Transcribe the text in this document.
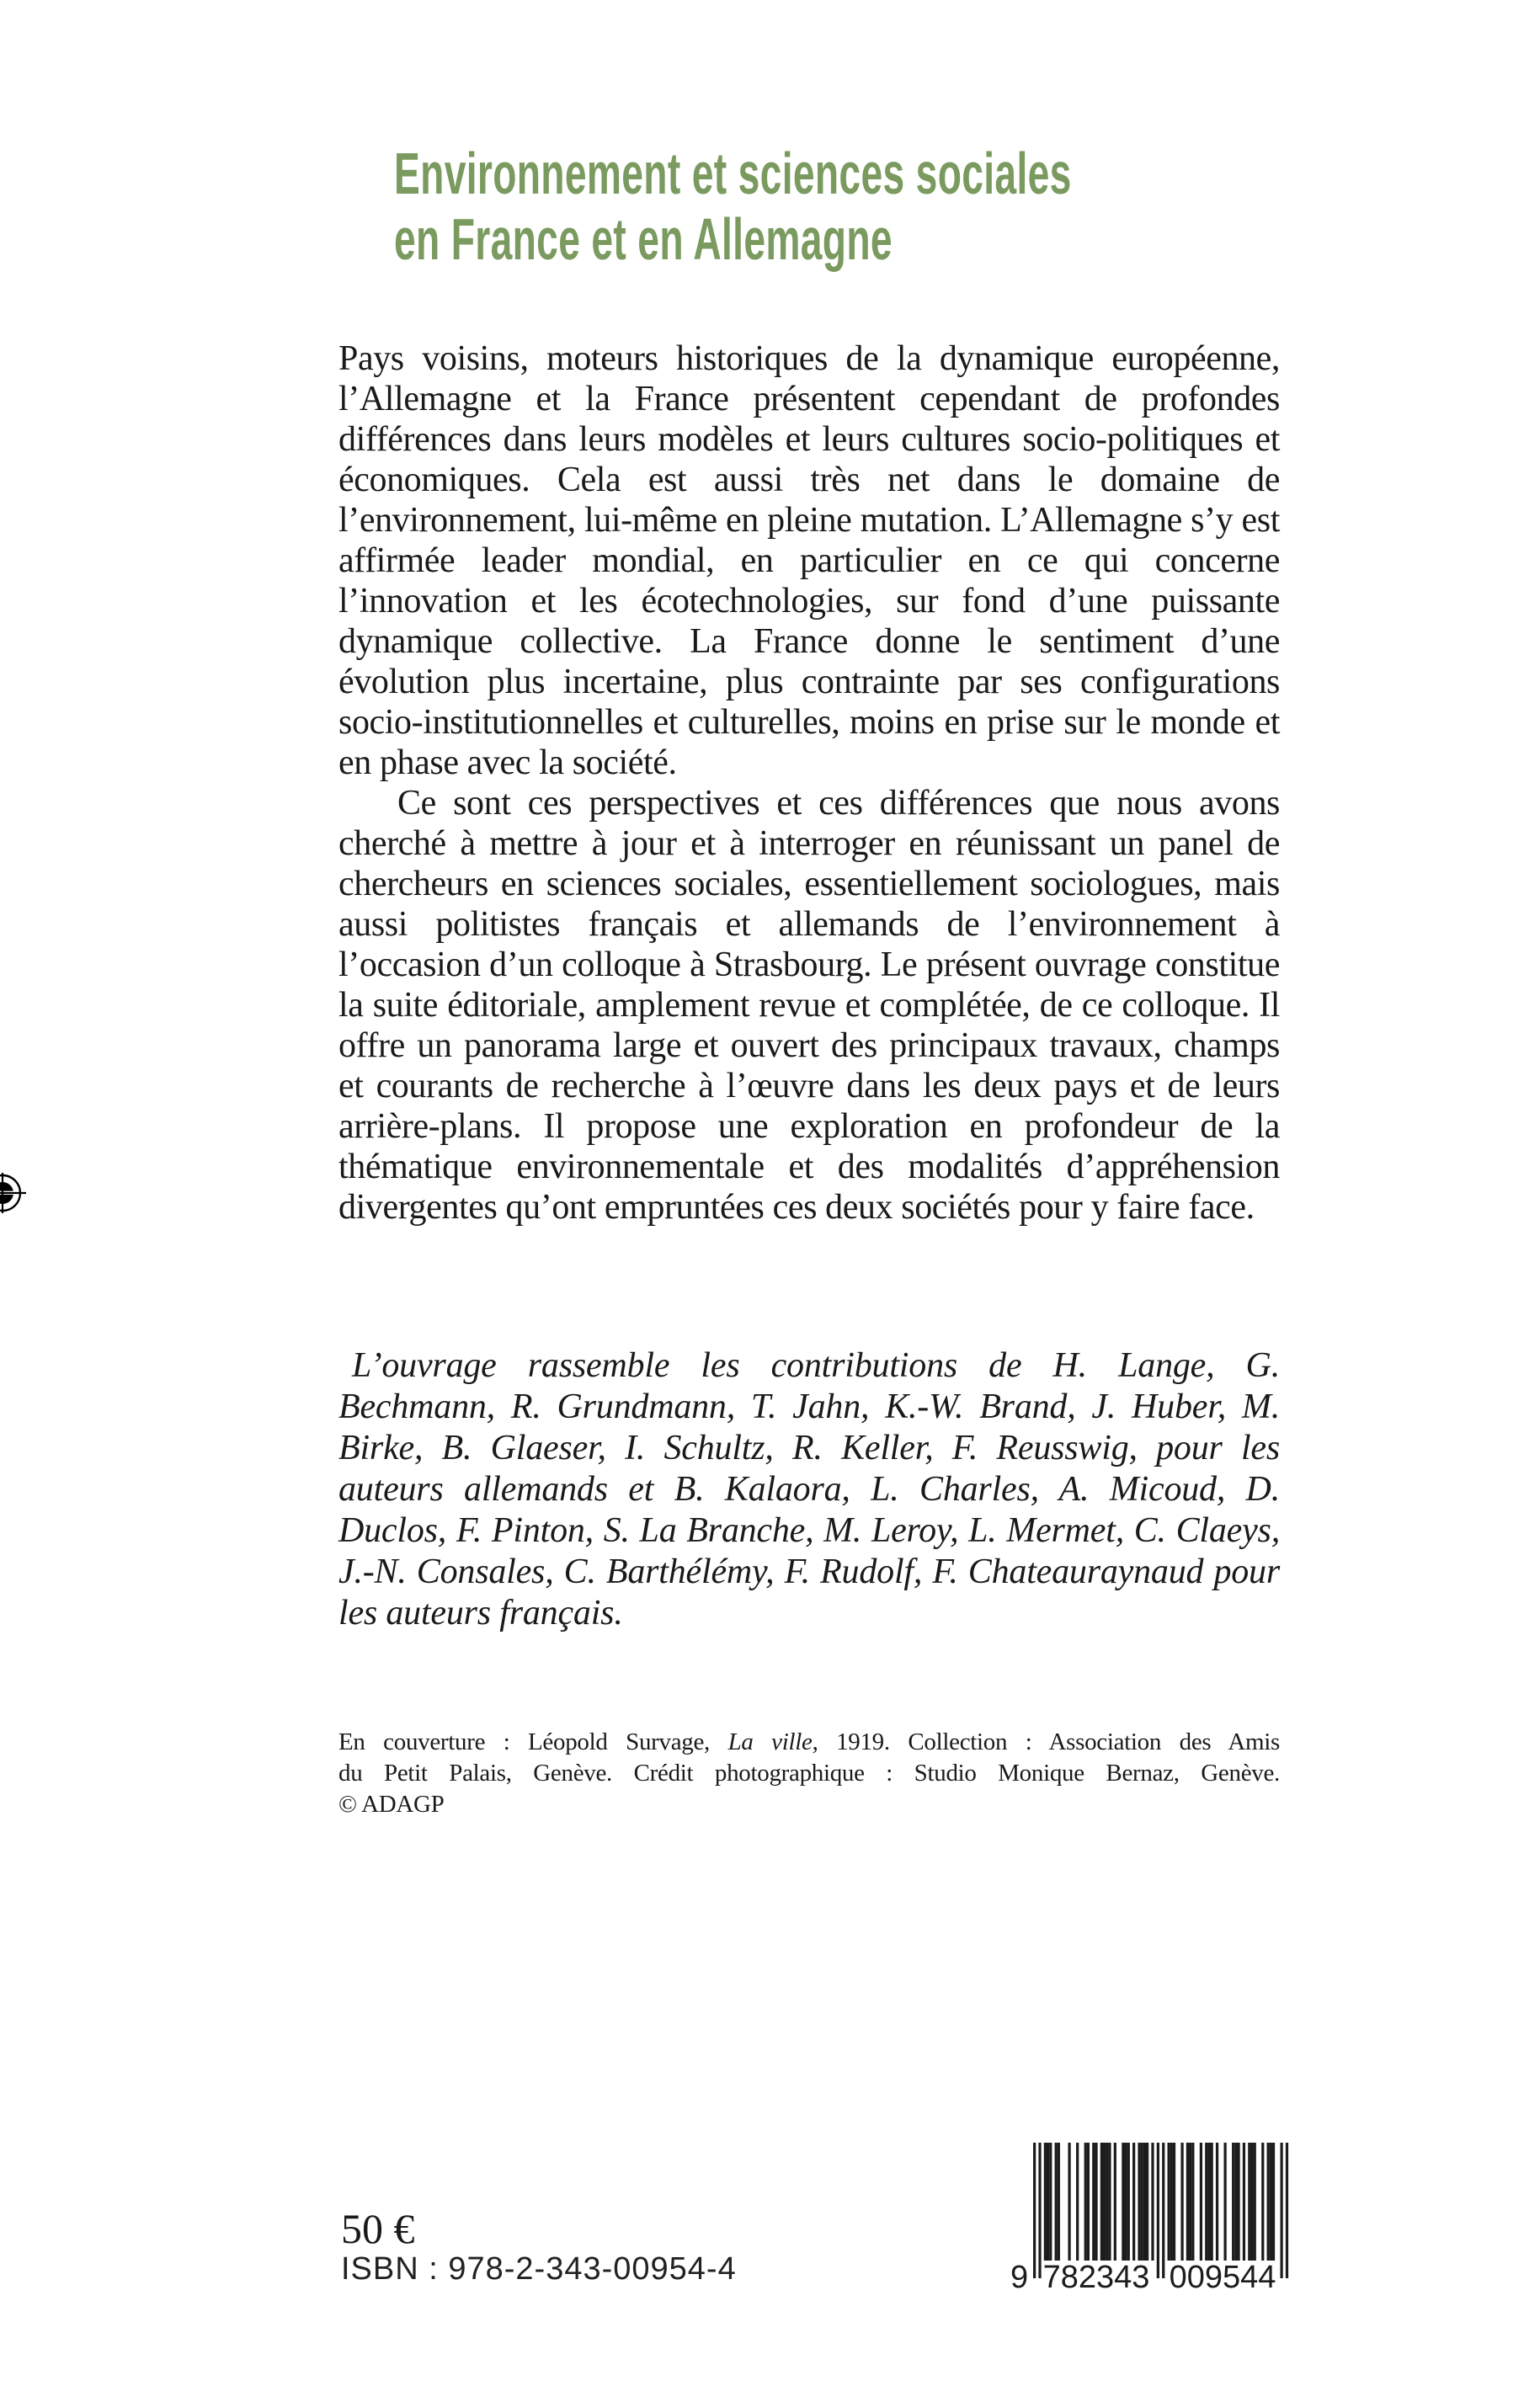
Environnement et sciences sociales
en France et en Allemagne

Pays voisins, moteurs historiques de la dynamique européenne, l’Allemagne et la France présentent cependant de profondes différences dans leurs modèles et leurs cultures socio-politiques et économiques. Cela est aussi très net dans le domaine de l’environnement, lui-même en pleine mutation. L’Allemagne s’y est affirmée leader mondial, en particulier en ce qui concerne l’innovation et les écotechnologies, sur fond d’une puissante dynamique collective. La France donne le sentiment d’une évolution plus incertaine, plus contrainte par ses configurations socio-institutionnelles et culturelles, moins en prise sur le monde et en phase avec la société.

Ce sont ces perspectives et ces différences que nous avons cherché à mettre à jour et à interroger en réunissant un panel de chercheurs en sciences sociales, essentiellement sociologues, mais aussi politistes français et allemands de l’environnement à l’occasion d’un colloque à Strasbourg. Le présent ouvrage constitue la suite éditoriale, amplement revue et complétée, de ce colloque. Il offre un panorama large et ouvert des principaux travaux, champs et courants de recherche à l’œuvre dans les deux pays et de leurs arrière-plans. Il propose une exploration en profondeur de la thématique environnementale et des modalités d’appréhension divergentes qu’ont empruntées ces deux sociétés pour y faire face.

L’ouvrage rassemble les contributions de H. Lange, G. Bechmann, R. Grundmann, T. Jahn, K.-W. Brand, J. Huber, M. Birke, B. Glaeser, I. Schultz, R. Keller, F. Reusswig, pour les auteurs allemands et B. Kalaora, L. Charles, A. Micoud, D. Duclos, F. Pinton, S. La Branche, M. Leroy, L. Mermet, C. Claeys, J.-N. Consales, C. Barthélémy, F. Rudolf, F. Chateauraynaud pour les auteurs français.

En couverture : Léopold Survage, La ville, 1919. Collection : Association des Amis
du Petit Palais, Genève. Crédit photographique : Studio Monique Bernaz, Genève.
© ADAGP
50 €
ISBN : 978-2-343-00954-4	9 782343 009544
